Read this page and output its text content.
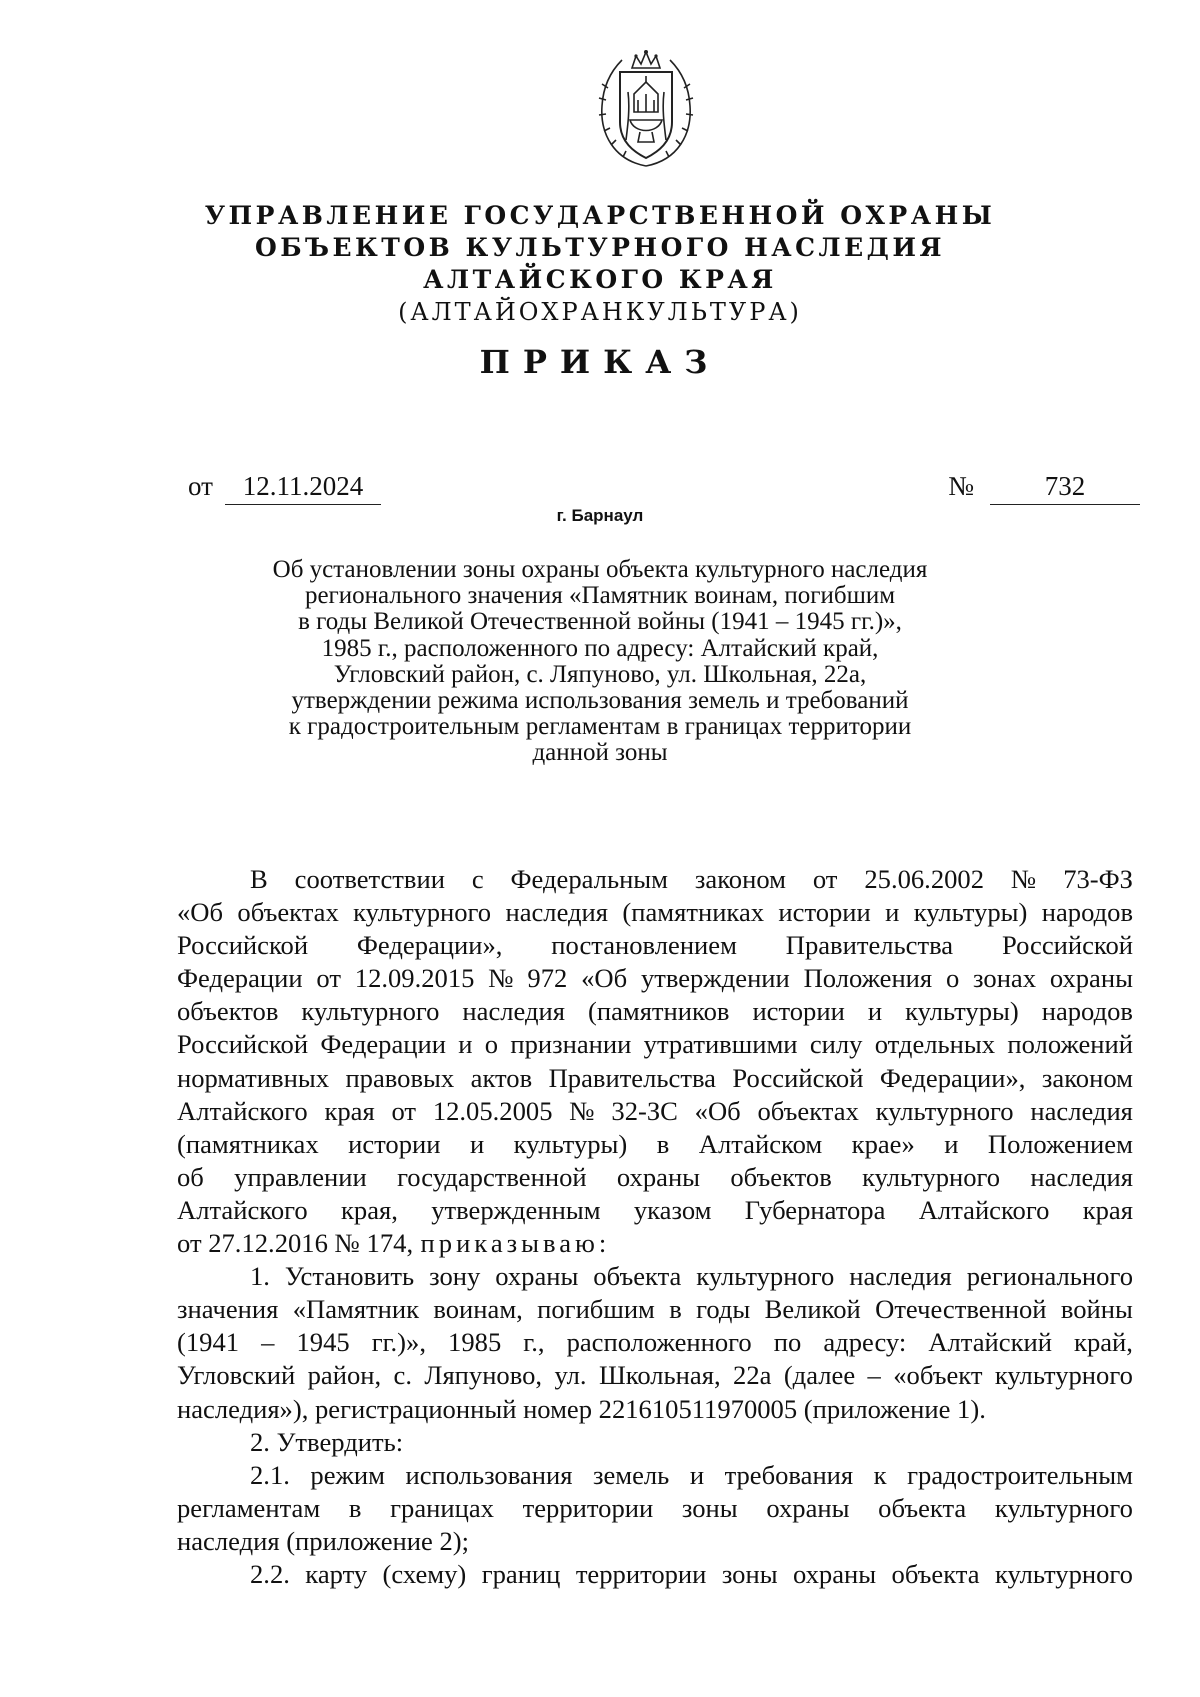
УПРАВЛЕНИЕ ГОСУДАРСТВЕННОЙ ОХРАНЫ
ОБЪЕКТОВ КУЛЬТУРНОГО НАСЛЕДИЯ
АЛТАЙСКОГО КРАЯ
(АЛТАЙОХРАНКУЛЬТУРА)
ПРИКАЗ
от 12.11.2024	№	732
г. Барнаул
Об установлении зоны охраны объекта культурного наследия
регионального значения «Памятник воинам, погибшим
в годы Великой Отечественной войны (1941 – 1945 гг.)»,
1985 г., расположенного по адресу: Алтайский край,
Угловский район, с. Ляпуново, ул. Школьная, 22а,
утверждении режима использования земель и требований
к градостроительным регламентам в границах территории
данной зоны
В соответствии с Федеральным законом от 25.06.2002 № 73-ФЗ
«Об объектах культурного наследия (памятниках истории и культуры) народов
Российской Федерации», постановлением Правительства Российской
Федерации от 12.09.2015 № 972 «Об утверждении Положения о зонах охраны
объектов культурного наследия (памятников истории и культуры) народов
Российской Федерации и о признании утратившими силу отдельных положений
нормативных правовых актов Правительства Российской Федерации», законом
Алтайского края от 12.05.2005 № 32-ЗС «Об объектах культурного наследия
(памятниках истории и культуры) в Алтайском крае» и Положением
об управлении государственной охраны объектов культурного наследия
Алтайского края, утвержденным указом Губернатора Алтайского края
от 27.12.2016 № 174, приказываю:
1. Установить зону охраны объекта культурного наследия регионального
значения «Памятник воинам, погибшим в годы Великой Отечественной войны
(1941 – 1945 гг.)», 1985 г., расположенного по адресу: Алтайский край,
Угловский район, с. Ляпуново, ул. Школьная, 22а (далее – «объект культурного
наследия»), регистрационный номер 221610511970005 (приложение 1).
2. Утвердить:
2.1. режим использования земель и требования к градостроительным
регламентам в границах территории зоны охраны объекта культурного
наследия (приложение 2);
2.2. карту (схему) границ территории зоны охраны объекта культурного
